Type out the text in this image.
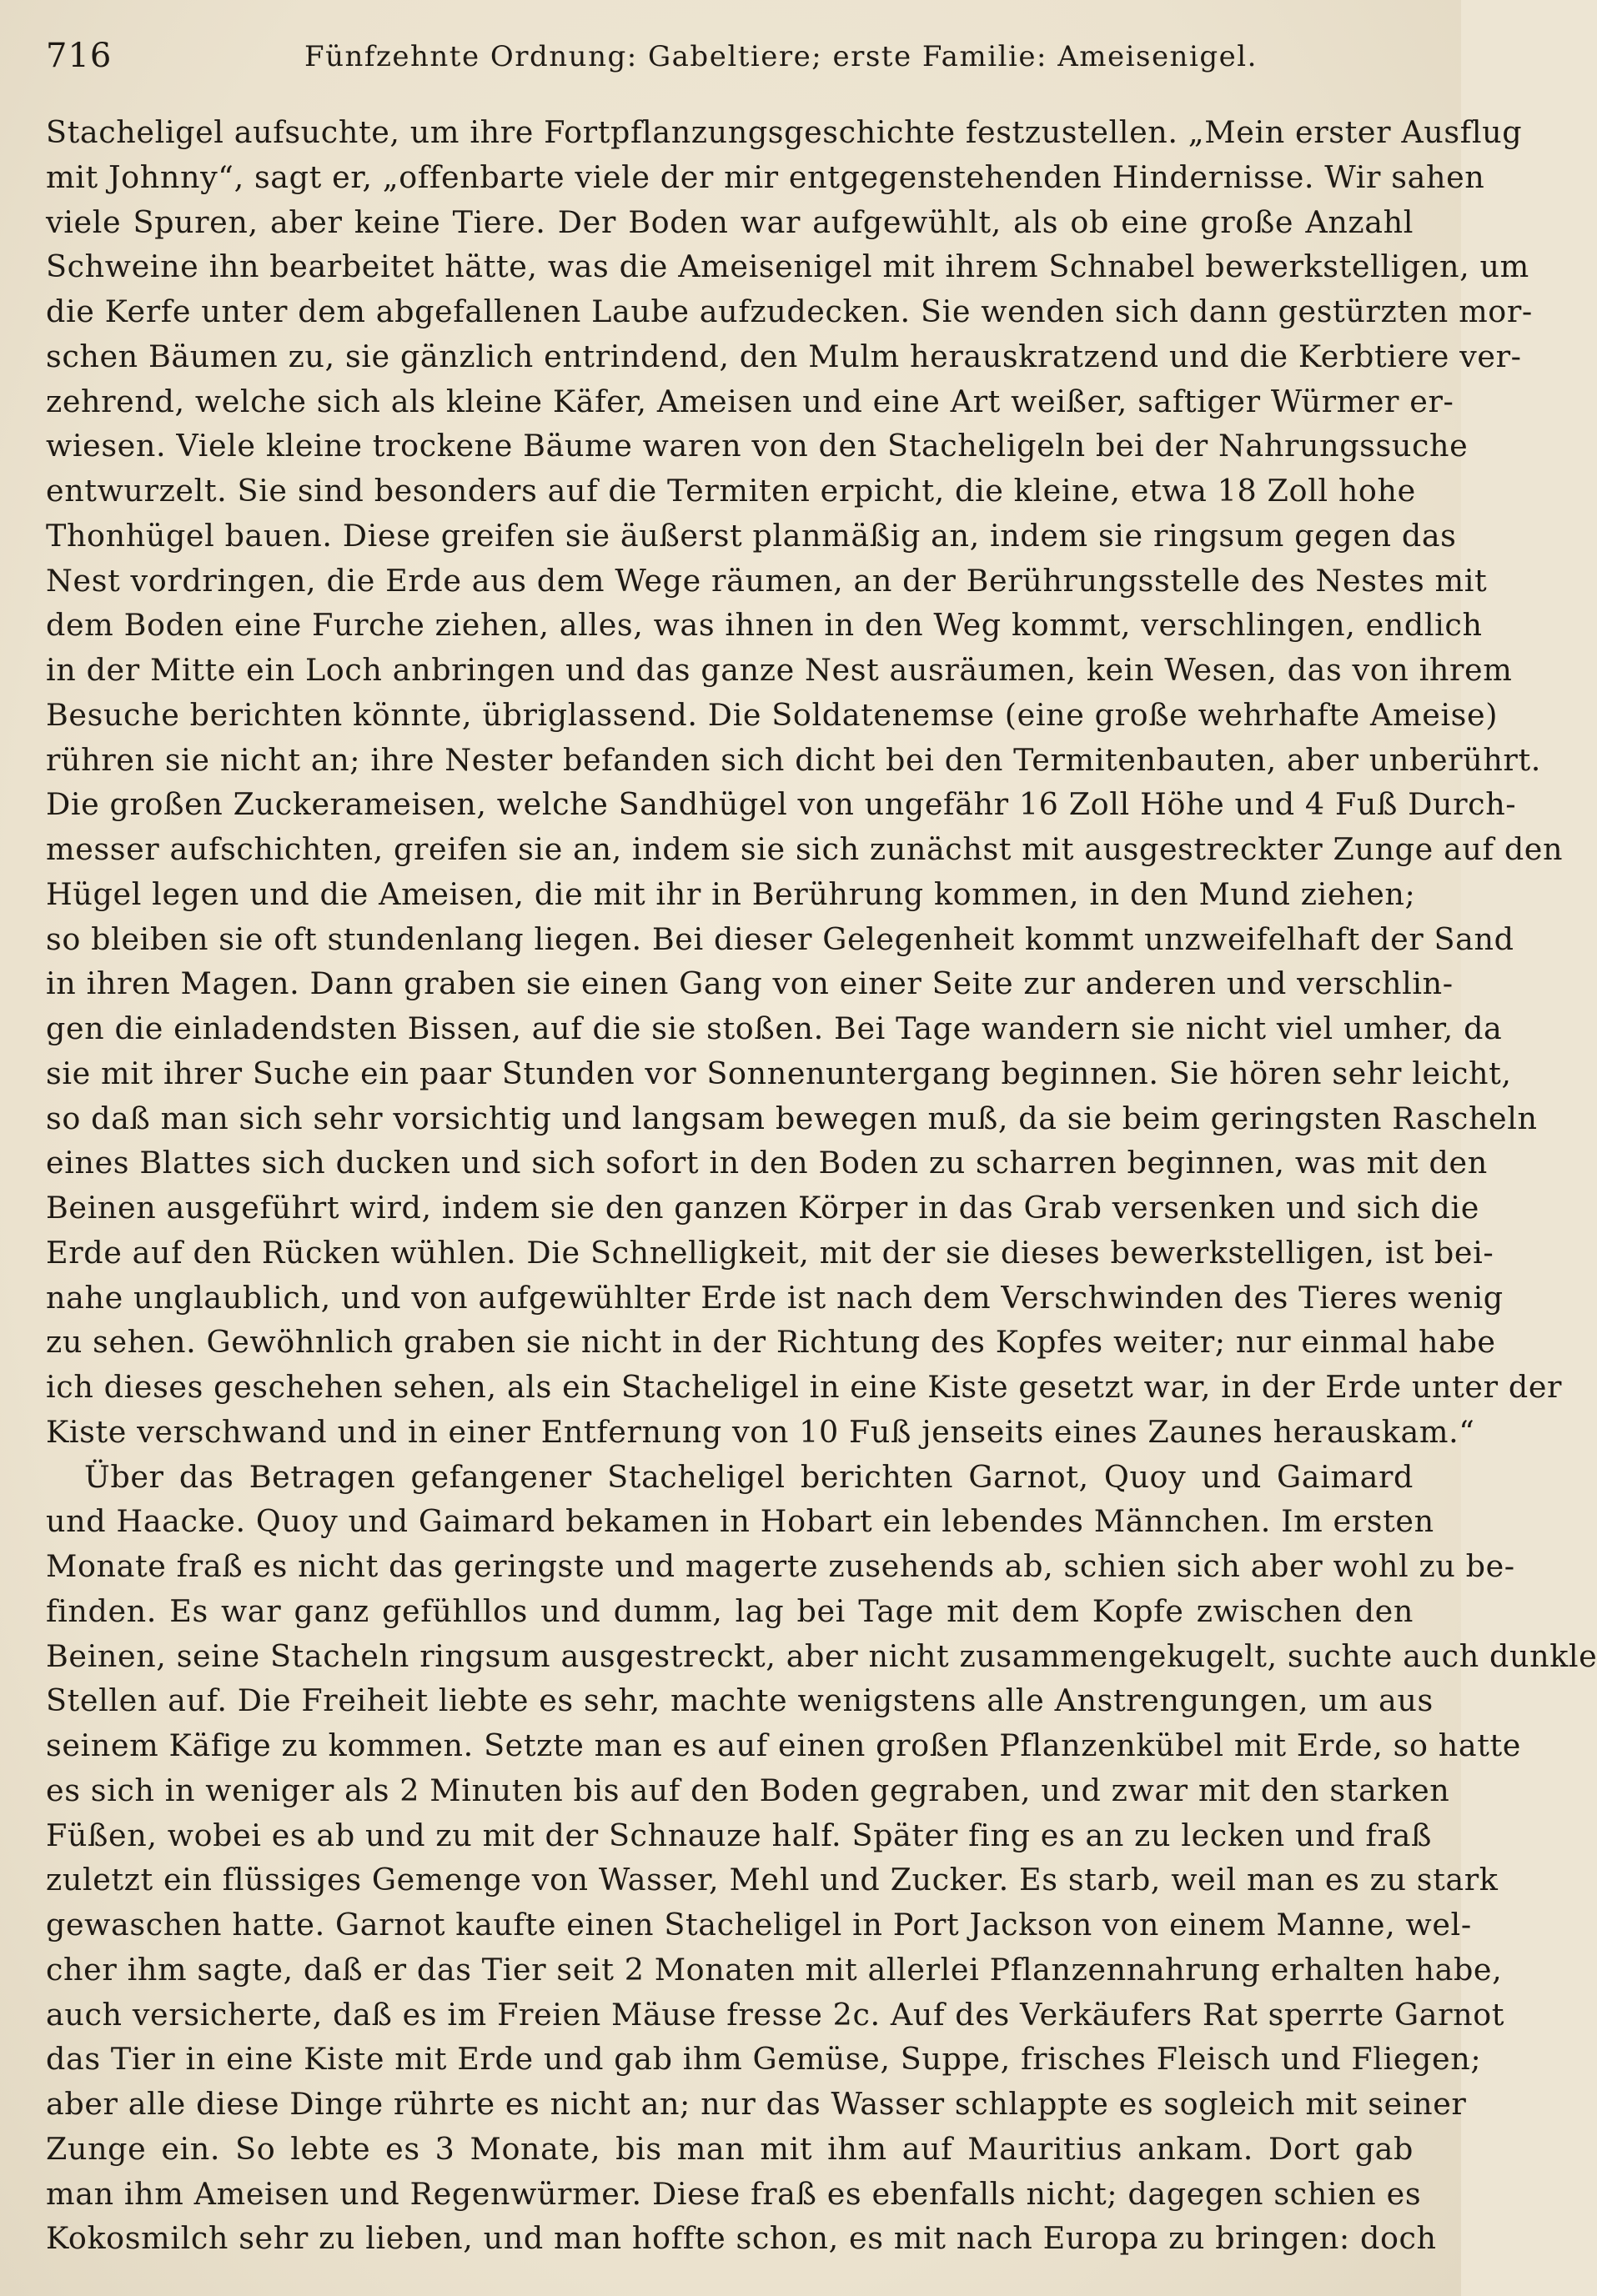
716	Fünfzehnte Ordnung: Gabeltiere; erste Familie: Ameisenigel.
Stacheligel aufsuchte, um ihre Fortpflanzungsgeschichte festzustellen. „Mein erster Ausflug
mit Johnny“, sagt er, „offenbarte viele der mir entgegenstehenden Hindernisse. Wir sahen
viele Spuren, aber keine Tiere. Der Boden war aufgewühlt, als ob eine große Anzahl
Schweine ihn bearbeitet hätte, was die Ameisenigel mit ihrem Schnabel bewerkstelligen, um
die Kerfe unter dem abgefallenen Laube aufzudecken. Sie wenden sich dann gestürzten mor-
schen Bäumen zu, sie gänzlich entrindend, den Mulm herauskratzend und die Kerbtiere ver-
zehrend, welche sich als kleine Käfer, Ameisen und eine Art weißer, saftiger Würmer er-
wiesen. Viele kleine trockene Bäume waren von den Stacheligeln bei der Nahrungssuche
entwurzelt. Sie sind besonders auf die Termiten erpicht, die kleine, etwa 18 Zoll hohe
Thonhügel bauen. Diese greifen sie äußerst planmäßig an, indem sie ringsum gegen das
Nest vordringen, die Erde aus dem Wege räumen, an der Berührungsstelle des Nestes mit
dem Boden eine Furche ziehen, alles, was ihnen in den Weg kommt, verschlingen, endlich
in der Mitte ein Loch anbringen und das ganze Nest ausräumen, kein Wesen, das von ihrem
Besuche berichten könnte, übriglassend. Die Soldatenemse (eine große wehrhafte Ameise)
rühren sie nicht an; ihre Nester befanden sich dicht bei den Termitenbauten, aber unberührt.
Die großen Zuckerameisen, welche Sandhügel von ungefähr 16 Zoll Höhe und 4 Fuß Durch-
messer aufschichten, greifen sie an, indem sie sich zunächst mit ausgestreckter Zunge auf den
Hügel legen und die Ameisen, die mit ihr in Berührung kommen, in den Mund ziehen;
so bleiben sie oft stundenlang liegen. Bei dieser Gelegenheit kommt unzweifelhaft der Sand
in ihren Magen. Dann graben sie einen Gang von einer Seite zur anderen und verschlin-
gen die einladendsten Bissen, auf die sie stoßen. Bei Tage wandern sie nicht viel umher, da
sie mit ihrer Suche ein paar Stunden vor Sonnenuntergang beginnen. Sie hören sehr leicht,
so daß man sich sehr vorsichtig und langsam bewegen muß, da sie beim geringsten Rascheln
eines Blattes sich ducken und sich sofort in den Boden zu scharren beginnen, was mit den
Beinen ausgeführt wird, indem sie den ganzen Körper in das Grab versenken und sich die
Erde auf den Rücken wühlen. Die Schnelligkeit, mit der sie dieses bewerkstelligen, ist bei-
nahe unglaublich, und von aufgewühlter Erde ist nach dem Verschwinden des Tieres wenig
zu sehen. Gewöhnlich graben sie nicht in der Richtung des Kopfes weiter; nur einmal habe
ich dieses geschehen sehen, als ein Stacheligel in eine Kiste gesetzt war, in der Erde unter der
Kiste verschwand und in einer Entfernung von 10 Fuß jenseits eines Zaunes herauskam.“
Über das Betragen gefangener Stacheligel berichten Garnot, Quoy und Gaimard
und Haacke. Quoy und Gaimard bekamen in Hobart ein lebendes Männchen. Im ersten
Monate fraß es nicht das geringste und magerte zusehends ab, schien sich aber wohl zu be-
finden. Es war ganz gefühllos und dumm, lag bei Tage mit dem Kopfe zwischen den
Beinen, seine Stacheln ringsum ausgestreckt, aber nicht zusammengekugelt, suchte auch dunkle
Stellen auf. Die Freiheit liebte es sehr, machte wenigstens alle Anstrengungen, um aus
seinem Käfige zu kommen. Setzte man es auf einen großen Pflanzenkübel mit Erde, so hatte
es sich in weniger als 2 Minuten bis auf den Boden gegraben, und zwar mit den starken
Füßen, wobei es ab und zu mit der Schnauze half. Später fing es an zu lecken und fraß
zuletzt ein flüssiges Gemenge von Wasser, Mehl und Zucker. Es starb, weil man es zu stark
gewaschen hatte. Garnot kaufte einen Stacheligel in Port Jackson von einem Manne, wel-
cher ihm sagte, daß er das Tier seit 2 Monaten mit allerlei Pflanzennahrung erhalten habe,
auch versicherte, daß es im Freien Mäuse fresse 2c. Auf des Verkäufers Rat sperrte Garnot
das Tier in eine Kiste mit Erde und gab ihm Gemüse, Suppe, frisches Fleisch und Fliegen;
aber alle diese Dinge rührte es nicht an; nur das Wasser schlappte es sogleich mit seiner
Zunge ein. So lebte es 3 Monate, bis man mit ihm auf Mauritius ankam. Dort gab
man ihm Ameisen und Regenwürmer. Diese fraß es ebenfalls nicht; dagegen schien es
Kokosmilch sehr zu lieben, und man hoffte schon, es mit nach Europa zu bringen: doch
